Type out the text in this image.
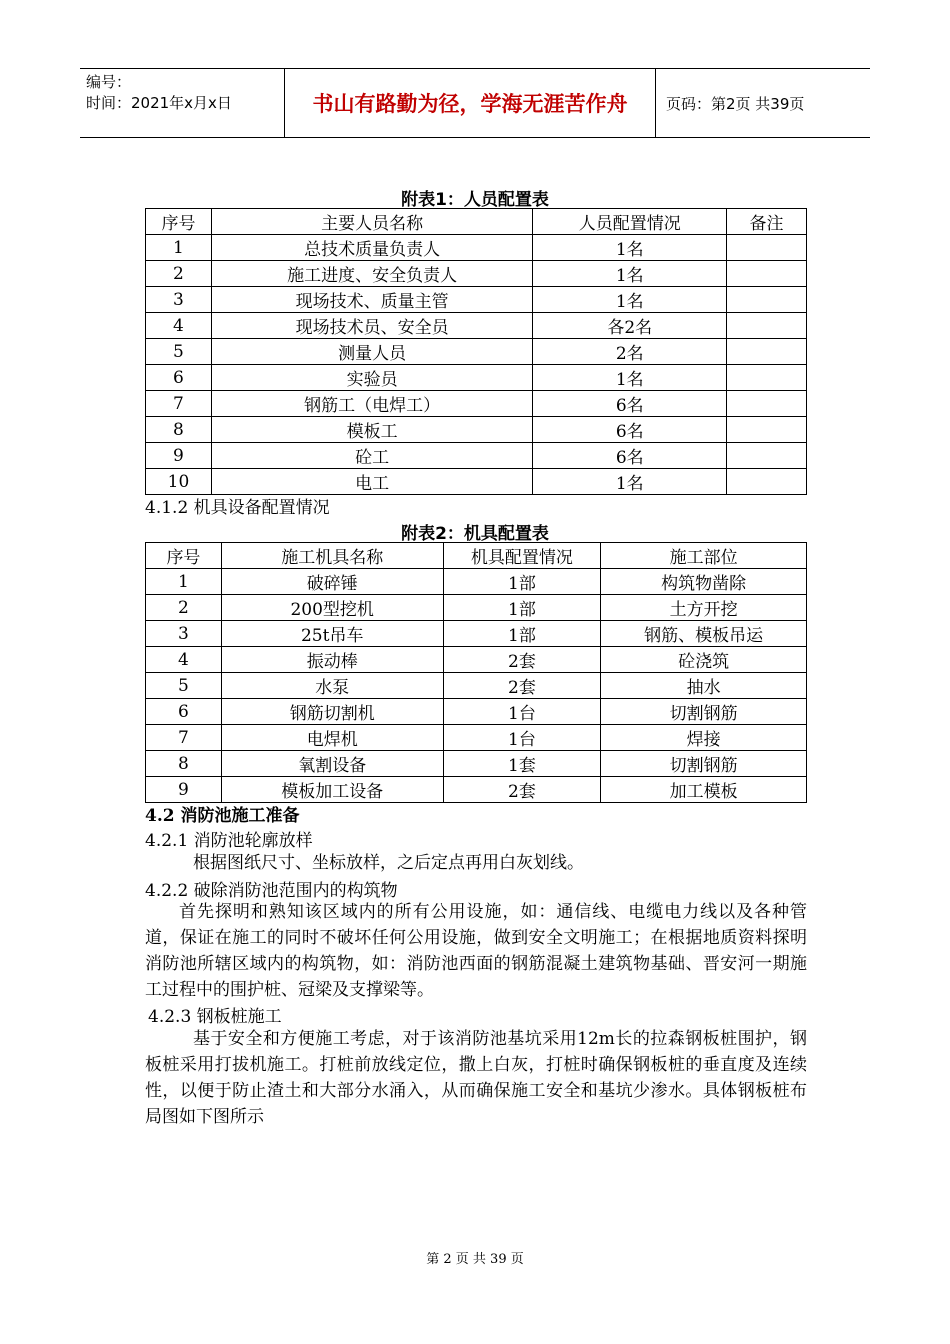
编号：
时间：2021年x月x日	书山有路勤为径，学海无涯苦作舟	页码：第2页 共39页
附表1：人员配置表
序号	主要人员名称	人员配置情况	备注
1	总技术质量负责人	1名	
2	施工进度、安全负责人	1名	
3	现场技术、质量主管	1名	
4	现场技术员、安全员	各2名	
5	测量人员	2名	
6	实验员	1名	
7	钢筋工（电焊工）	6名	
8	模板工	6名	
9	砼工	6名	
10	电工	1名	
4.1.2 机具设备配置情况
附表2：机具配置表
序号	施工机具名称	机具配置情况	施工部位
1	破碎锤	1部	构筑物凿除
2	200型挖机	1部	土方开挖
3	25t吊车	1部	钢筋、模板吊运
4	振动棒	2套	砼浇筑
5	水泵	2套	抽水
6	钢筋切割机	1台	切割钢筋
7	电焊机	1台	焊接
8	氧割设备	1套	切割钢筋
9	模板加工设备	2套	加工模板
4.2 消防池施工准备
4.2.1 消防池轮廓放样
根据图纸尺寸、坐标放样，之后定点再用白灰划线。
4.2.2 破除消防池范围内的构筑物
首先探明和熟知该区域内的所有公用设施，如：通信线、电缆电力线以及各种管道，保证在施工的同时不破坏任何公用设施，做到安全文明施工；在根据地质资料探明消防池所辖区域内的构筑物，如：消防池西面的钢筋混凝土建筑物基础、晋安河一期施工过程中的围护桩、冠梁及支撑梁等。
4.2.3 钢板桩施工
基于安全和方便施工考虑，对于该消防池基坑采用12m长的拉森钢板桩围护，钢板桩采用打拔机施工。打桩前放线定位，撒上白灰，打桩时确保钢板桩的垂直度及连续性，以便于防止渣土和大部分水涌入，从而确保施工安全和基坑少渗水。具体钢板桩布局图如下图所示
第 2 页 共 39 页
